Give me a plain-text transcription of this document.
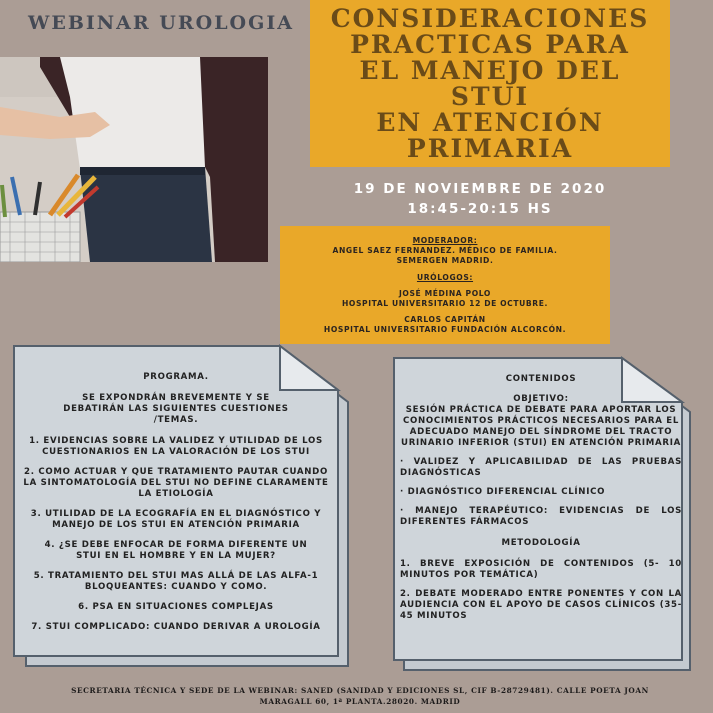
WEBINAR UROLOGIA CONSIDERACIONES
PRACTICAS PARA
EL MANEJO DEL
STUI
EN ATENCIÓN
PRIMARIA
19 DE NOVIEMBRE DE 2020
18:45-20:15 HS
MODERADOR:
ANGEL SAEZ FERNANDEZ. MÉDICO DE FAMILIA.
SEMERGEN MADRID.
URÓLOGOS:
JOSÉ MÉDINA POLO
HOSPITAL UNIVERSITARIO 12 DE OCTUBRE.
CARLOS CAPITÁN
HOSPITAL UNIVERSITARIO FUNDACIÓN ALCORCÓN.

PROGRAMA.

SE EXPONDRÁN BREVEMENTE Y SE DEBATIRÁN LAS SIGUIENTES CUESTIONES /TEMAS.

1. EVIDENCIAS SOBRE LA VALIDEZ Y UTILIDAD DE LOS CUESTIONARIOS EN LA VALORACIÓN DE LOS STUI

2. COMO ACTUAR Y QUE TRATAMIENTO PAUTAR CUANDO LA SINTOMATOLOGÍA DEL STUI NO DEFINE CLARAMENTE LA ETIOLOGÍA

3. UTILIDAD DE LA ECOGRAFÍA EN EL DIAGNÓSTICO Y MANEJO DE LOS STUI EN ATENCIÓN PRIMARIA

4. ¿SE DEBE ENFOCAR DE FORMA DIFERENTE UN STUI EN EL HOMBRE Y EN LA MUJER?

5. TRATAMIENTO DEL STUI MAS ALLÁ DE LAS ALFA-1 BLOQUEANTES: CUANDO Y COMO.

6. PSA EN SITUACIONES COMPLEJAS

7. STUI COMPLICADO: CUANDO DERIVAR A UROLOGÍA

CONTENIDOS

OBJETIVO:

SESIÓN PRÁCTICA DE DEBATE PARA APORTAR LOS CONOCIMIENTOS PRÁCTICOS NECESARIOS PARA EL ADECUADO MANEJO DEL SÍNDROME DEL TRACTO URINARIO INFERIOR (STUI) EN ATENCIÓN PRIMARIA

· VALIDEZ Y APLICABILIDAD DE LAS PRUEBAS DIAGNÓSTICAS

· DIAGNÓSTICO DIFERENCIAL CLÍNICO

· MANEJO TERAPÉUTICO: EVIDENCIAS DE LOS DIFERENTES FÁRMACOS

METODOLOGÍA

1. BREVE EXPOSICIÓN DE CONTENIDOS (5- 10 MINUTOS POR TEMÁTICA)

2. DEBATE MODERADO ENTRE PONENTES Y CON LA AUDIENCIA CON EL APOYO DE CASOS CLÍNICOS (35-45 MINUTOS

SECRETARIA TÉCNICA Y SEDE DE LA WEBINAR: SANED (SANIDAD Y EDICIONES SL, CIF B-28729481). CALLE POETA JOAN MARAGALL 60, 1ª PLANTA.28020. MADRID
